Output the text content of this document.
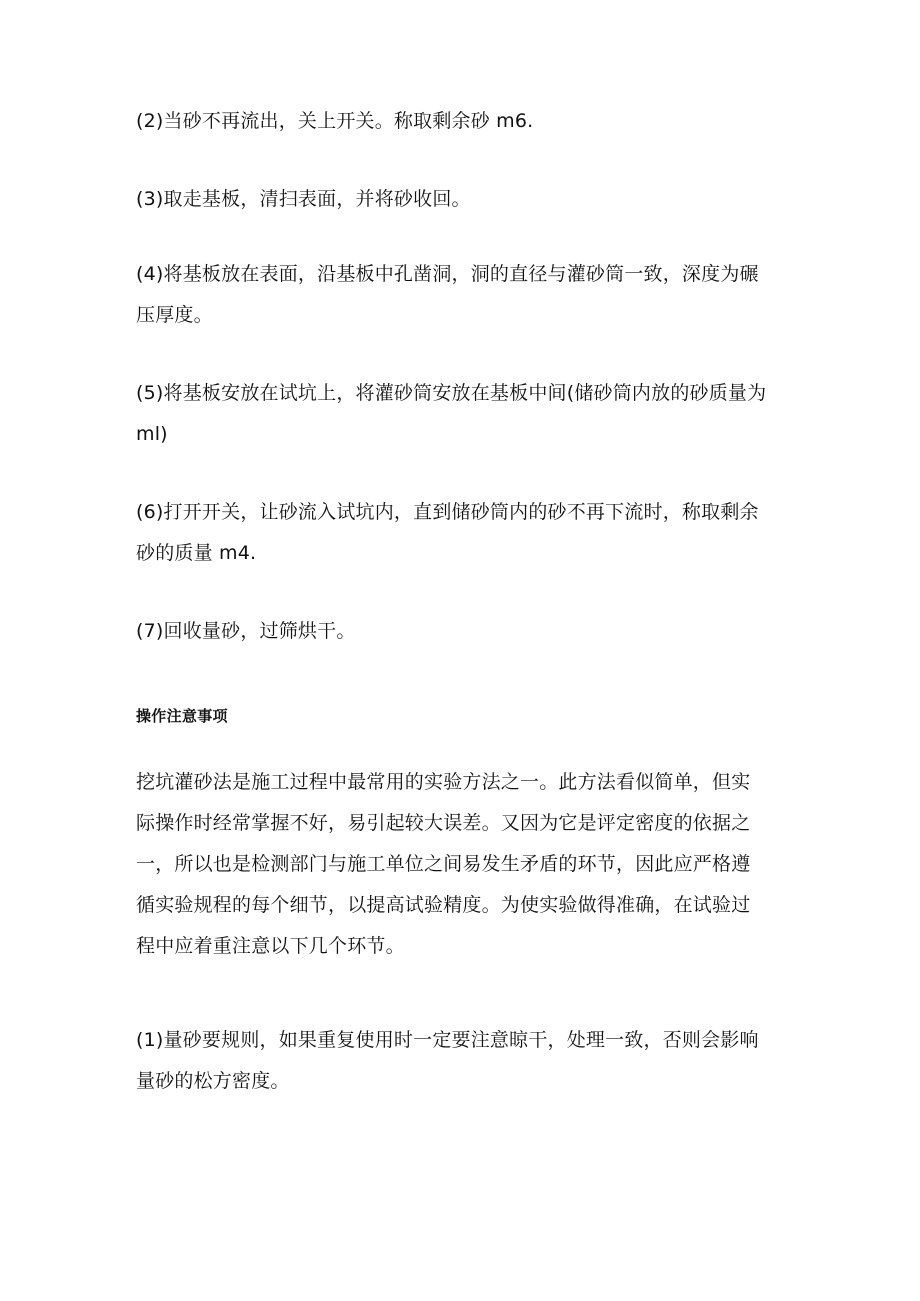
(2)当砂不再流出，关上开关。称取剩余砂 m6.

(3)取走基板，清扫表面，并将砂收回。

(4)将基板放在表面，沿基板中孔凿洞，洞的直径与灌砂筒一致，深度为碾
压厚度。

(5)将基板安放在试坑上，将灌砂筒安放在基板中间(储砂筒内放的砂质量为
ml)

(6)打开开关，让砂流入试坑内，直到储砂筒内的砂不再下流时，称取剩余
砂的质量 m4.

(7)回收量砂，过筛烘干。

操作注意事项

挖坑灌砂法是施工过程中最常用的实验方法之一。此方法看似简单，但实
际操作时经常掌握不好，易引起较大误差。又因为它是评定密度的依据之
一，所以也是检测部门与施工单位之间易发生矛盾的环节，因此应严格遵
循实验规程的每个细节，以提高试验精度。为使实验做得准确，在试验过
程中应着重注意以下几个环节。

(1)量砂要规则，如果重复使用时一定要注意晾干，处理一致，否则会影响
量砂的松方密度。
